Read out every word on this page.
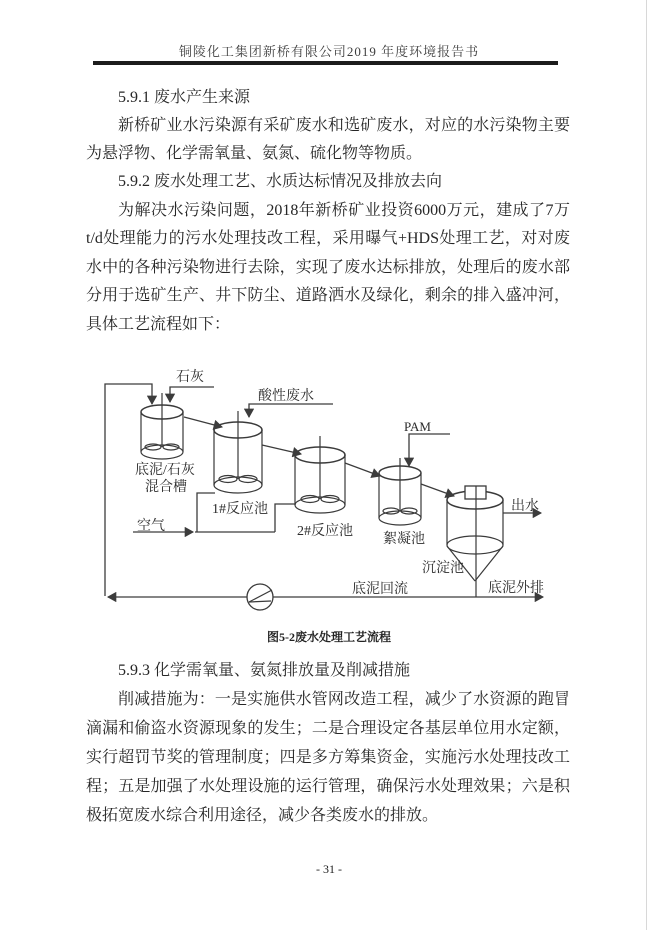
铜陵化工集团新桥有限公司2019 年度环境报告书
5.9.1 废水产生来源
新桥矿业水污染源有采矿废水和选矿废水，对应的水污染物主要
为悬浮物、化学需氧量、氨氮、硫化物等物质。
5.9.2 废水处理工艺、水质达标情况及排放去向
为解决水污染问题，2018年新桥矿业投资6000万元，建成了7万
t/d处理能力的污水处理技改工程，采用曝气+HDS处理工艺，对对废
水中的各种污染物进行去除，实现了废水达标排放，处理后的废水部
分用于选矿生产、井下防尘、道路洒水及绿化，剩余的排入盛冲河，
具体工艺流程如下：
石灰
酸性废水
PAM
空气
底泥/石灰
混合槽
1#反应池
2#反应池
絮凝池
沉淀池
出水
底泥回流	底泥外排
图5-2废水处理工艺流程
5.9.3 化学需氧量、氨氮排放量及削减措施
削减措施为：一是实施供水管网改造工程，减少了水资源的跑冒
滴漏和偷盗水资源现象的发生；二是合理设定各基层单位用水定额，
实行超罚节奖的管理制度；四是多方筹集资金，实施污水处理技改工
程；五是加强了水处理设施的运行管理，确保污水处理效果；六是积
极拓宽废水综合利用途径，减少各类废水的排放。
- 31 -
